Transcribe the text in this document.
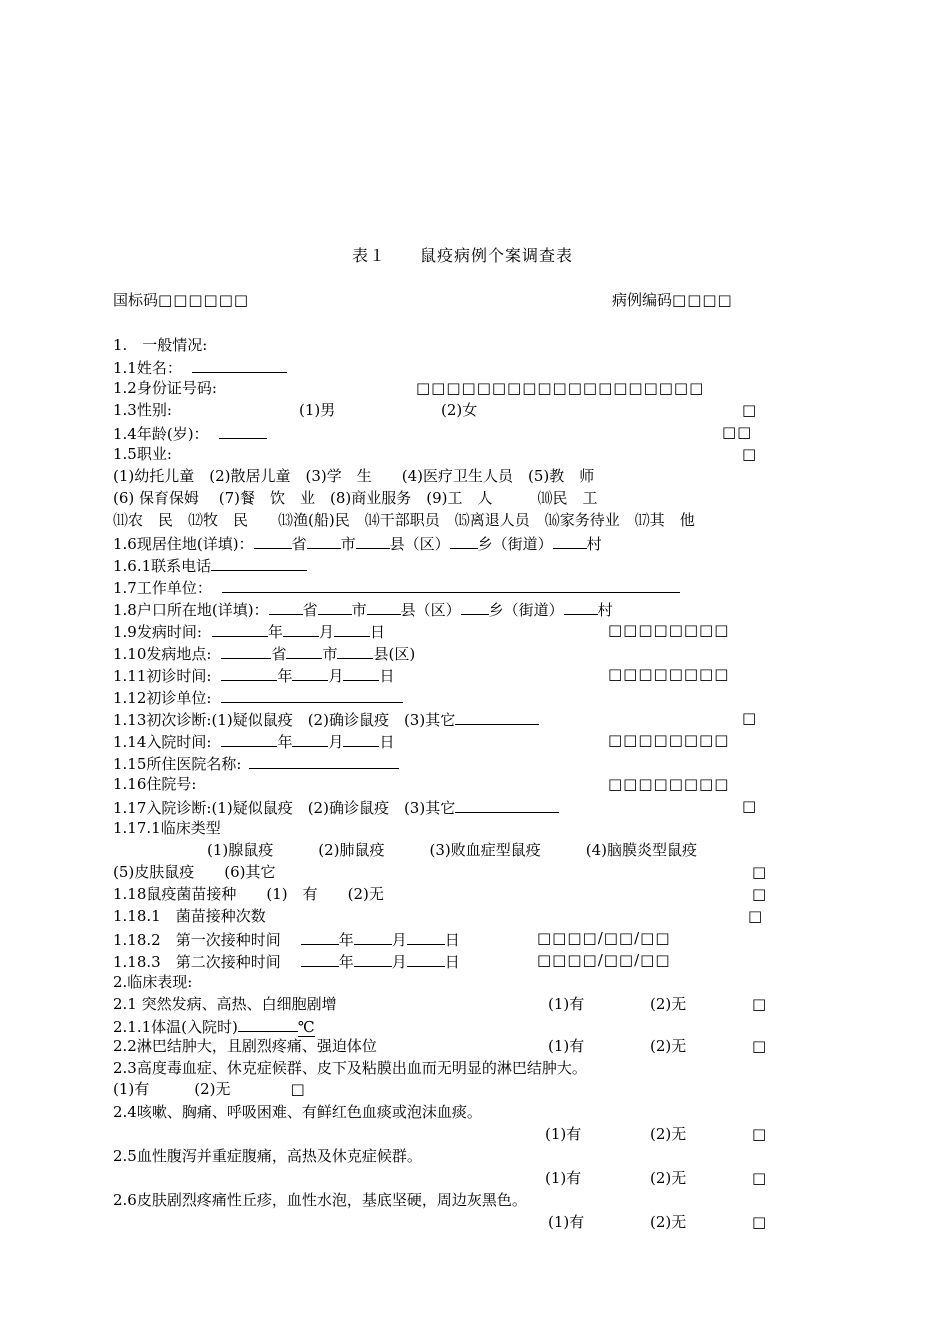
表１　　鼠疫病例个案调查表
国标码□□□□□□	病例编码□□□□
1.　一般情况:
1.1姓名：
1.2身份证号码:	□□□□□□□□□□□□□□□□□□□
1.3性别:	(1)男	(2)女	□
1.4年龄(岁)：	□□
1.5职业:	□
(1)幼托儿童　(2)散居儿童　(3)学　生　　(4)医疗卫生人员　(5)教　师
(6) 保育保姆　 (7)餐　饮　业　(8)商业服务　(9)工　人　　　⑽民　工
⑾农　民　⑿牧　民　　⒀渔(船)民　⒁干部职员　⒂离退人员　⒃家务待业　⒄其　他
1.6现居住地(详填)：	省 市 县（区） 乡（街道） 村
1.6.1联系电话
1.7工作单位：
1.8户口所在地(详填)： 省 市 县（区） 乡（街道） 村
1.9发病时间:	年 月 日	□□□□□□□□
1.10发病地点:	省 市 县(区)
1.11初诊时间:	年 月 日	□□□□□□□□
1.12初诊单位:
1.13初次诊断:(1)疑似鼠疫　(2)确诊鼠疫　(3)其它	□
1.14入院时间:	年 月 日	□□□□□□□□
1.15所住医院名称:
1.16住院号:	□□□□□□□□
1.17入院诊断:(1)疑似鼠疫　(2)确诊鼠疫　(3)其它	□
1.17.1临床类型
(1)腺鼠疫　　　(2)肺鼠疫　　　(3)败血症型鼠疫　　　(4)脑膜炎型鼠疫
(5)皮肤鼠疫　　(6)其它	□
1.18鼠疫菌苗接种　　(1)　有　　(2)无	□
1.18.1　菌苗接种次数	□
1.18.2　第一次接种时间	年	月	日	□□□□/□□/□□
1.18.3　第二次接种时间	年	月	日	□□□□/□□/□□
2.临床表现:
2.1 突然发病、高热、白细胞剧增	(1)有	(2)无	□
2.1.1体温(入院时)	℃
2.2淋巴结肿大，且剧烈疼痛、强迫体位	(1)有	(2)无	□
2.3高度毒血症、休克症候群、皮下及粘膜出血而无明显的淋巴结肿大。
(1)有　　　(2)无　　　　□
2.4咳嗽、胸痛、呼吸困难、有鲜红色血痰或泡沫血痰。
(1)有	(2)无	□
2.5血性腹泻并重症腹痛，高热及休克症候群。
(1)有	(2)无	□
2.6皮肤剧烈疼痛性丘疹，血性水泡，基底坚硬，周边灰黑色。
(1)有	(2)无	□
